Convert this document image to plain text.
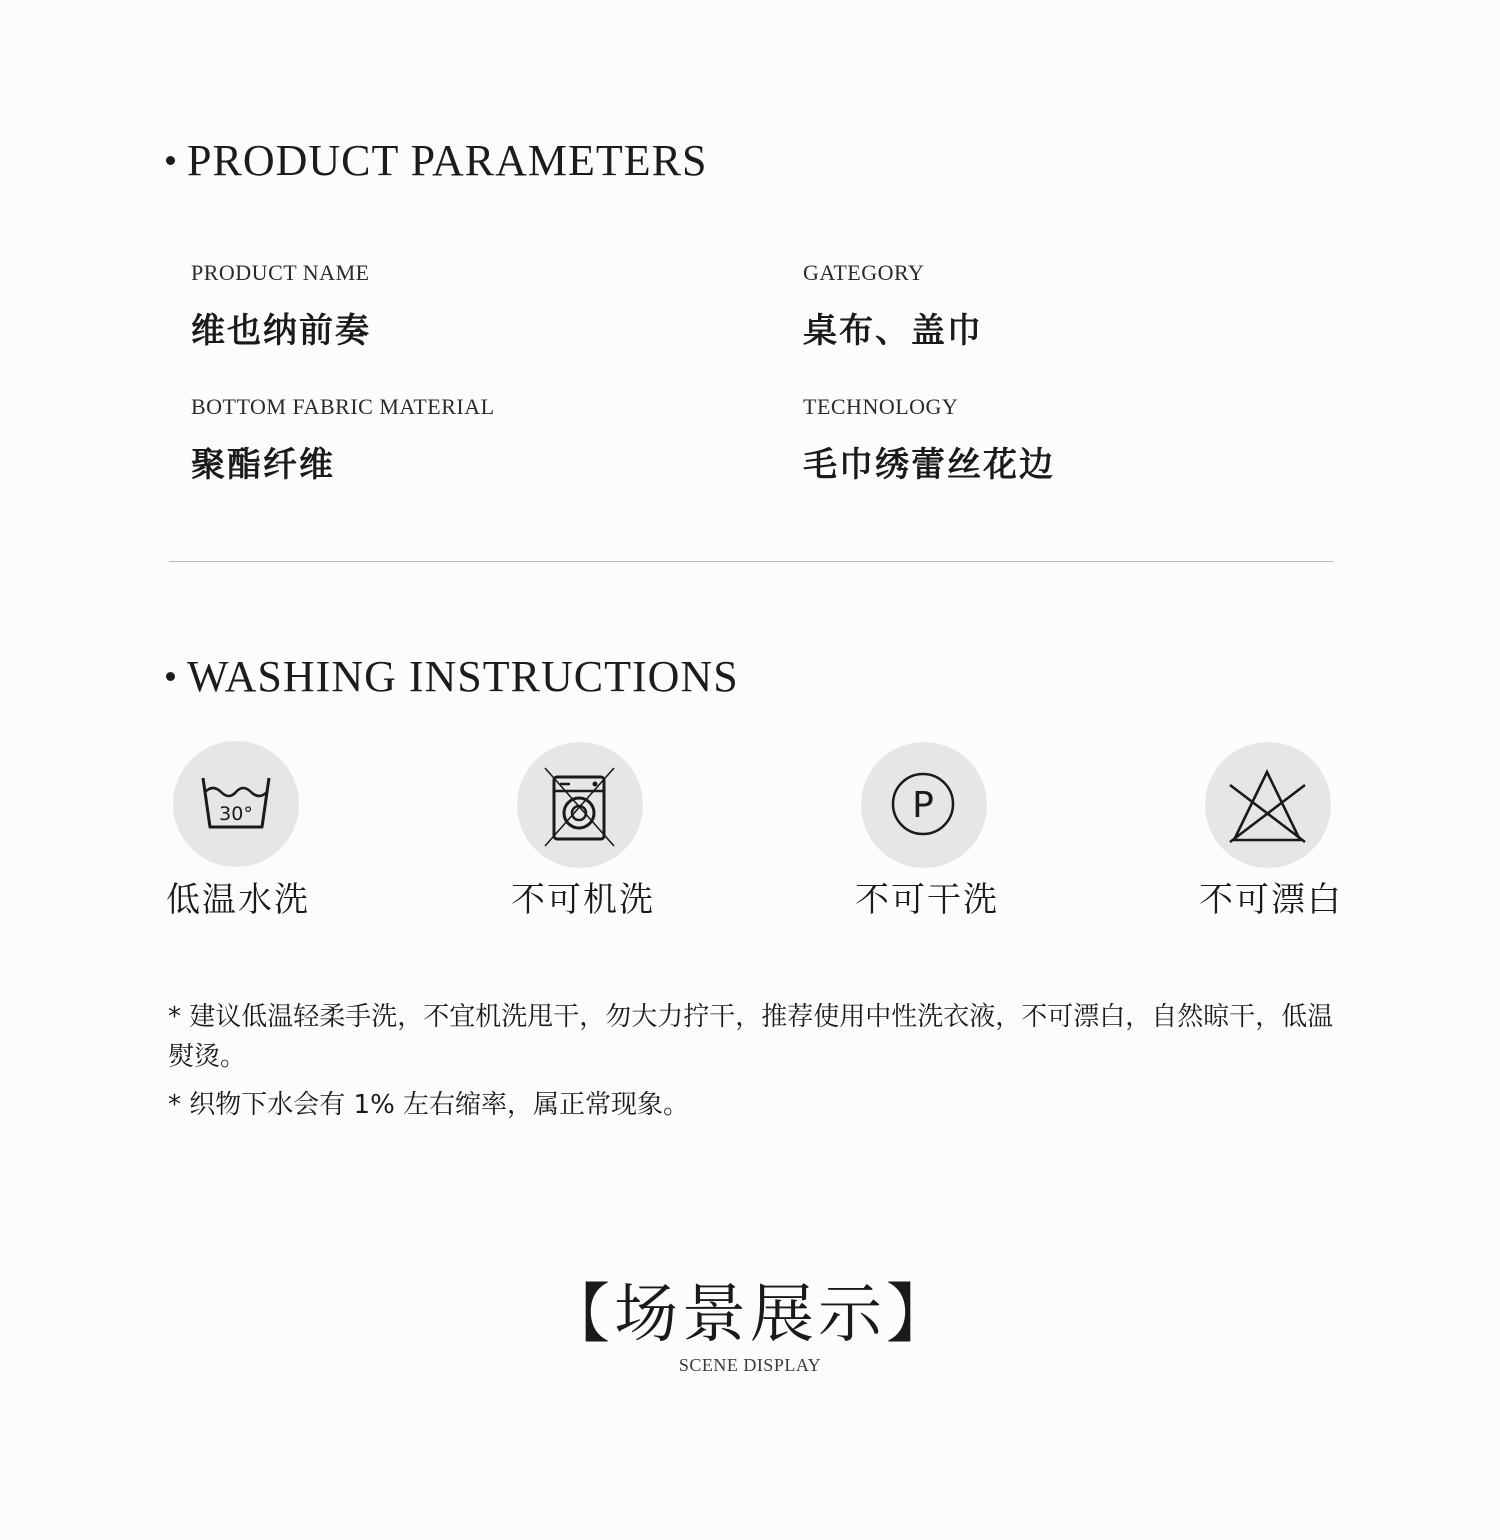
PRODUCT PARAMETERS
PRODUCT NAME
维也纳前奏
GATEGORY
桌布、盖巾
BOTTOM FABRIC MATERIAL
聚酯纤维
TECHNOLOGY
毛巾绣蕾丝花边
WASHING INSTRUCTIONS
30°
低温水洗	不可机洗
P
不可干洗	不可漂白
* 建议低温轻柔手洗，不宜机洗甩干，勿大力拧干，推荐使用中性洗衣液，不可漂白，自然晾干，低温熨烫。
* 织物下水会有 1% 左右缩率，属正常现象。
【场景展示】
SCENE DISPLAY
